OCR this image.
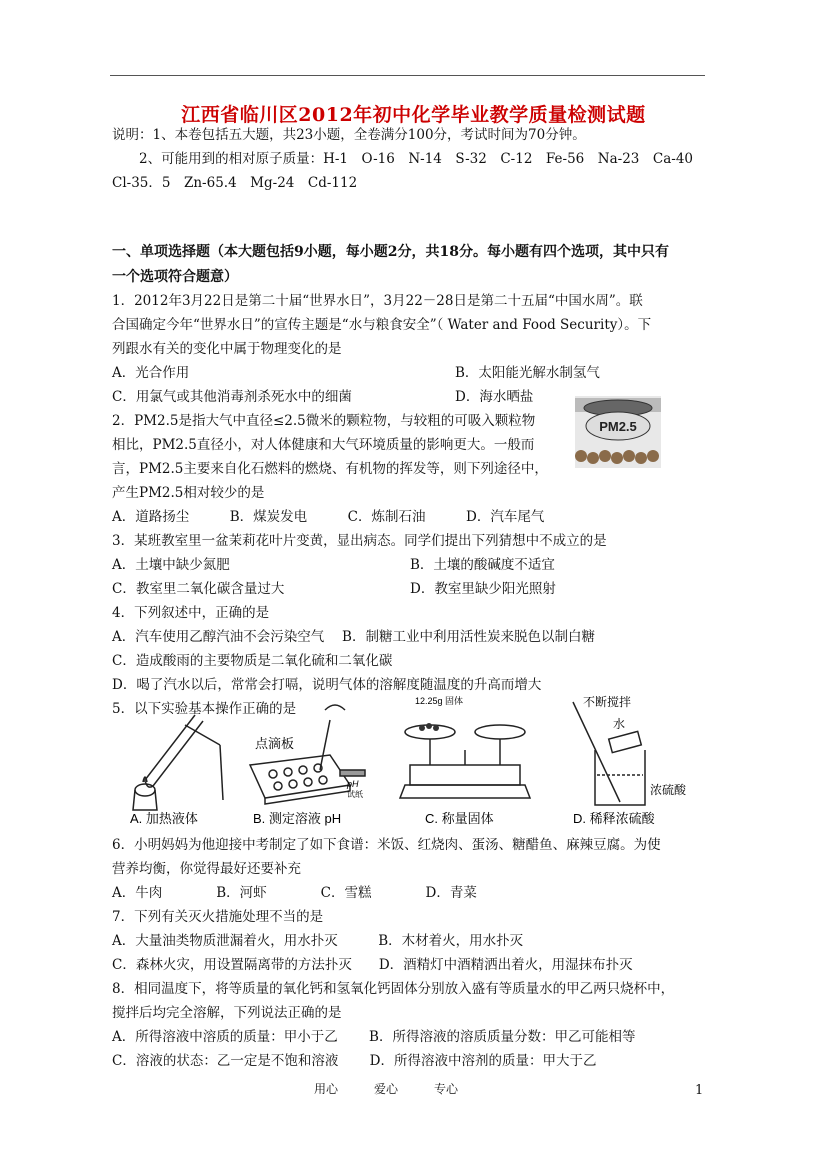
江西省临川区2012年初中化学毕业教学质量检测试题
说明：1、本卷包括五大题，共23小题，全卷满分100分，考试时间为70分钟。
　　2、可能用到的相对原子质量：H-1　O-16　N-14　S-32　C-12　Fe-56　Na-23　Ca-40
Cl-35．5　Zn-65.4　Mg-24　Cd-112
一、单项选择题（本大题包括9小题，每小题2分，共18分。每小题有四个选项，其中只有
一个选项符合题意）
1．2012年3月22日是第二十届“世界水日”，3月22－28日是第二十五届“中国水周”。联
合国确定今年“世界水日”的宣传主题是“水与粮食安全”（ Water and Food Security）。下
列跟水有关的变化中属于物理变化的是
A．光合作用	B．太阳能光解水制氢气
C．用氯气或其他消毒剂杀死水中的细菌	D．海水晒盐
2．PM2.5是指大气中直径≤2.5微米的颗粒物，与较粗的可吸入颗粒物
相比，PM2.5直径小，对人体健康和大气环境质量的影响更大。一般而
言，PM2.5主要来自化石燃料的燃烧、有机物的挥发等，则下列途径中，
产生PM2.5相对较少的是
A．道路扬尘　　　B．煤炭发电　　　C．炼制石油　　　D．汽车尾气
PM2.5
3．某班教室里一盆茉莉花叶片变黄，显出病态。同学们提出下列猜想中不成立的是
A．土壤中缺少氮肥	B．土壤的酸碱度不适宜
C．教室里二氧化碳含量过大	D．教室里缺少阳光照射
4．下列叙述中，正确的是
A．汽车使用乙醇汽油不会污染空气　 B．制糖工业中利用活性炭来脱色以制白糖
C．造成酸雨的主要物质是二氧化硫和二氧化碳
D．喝了汽水以后，常常会打嗝，说明气体的溶解度随温度的升高而增大
5．以下实验基本操作正确的是
A. 加热液体
点滴板
pH
试纸
B. 测定溶液 pH
12.25g 固体
C. 称量固体
不断搅拌
水
浓硫酸
D. 稀释浓硫酸
6．小明妈妈为他迎接中考制定了如下食谱：米饭、红烧肉、蛋汤、糖醋鱼、麻辣豆腐。为使
营养均衡，你觉得最好还要补充
A．牛肉　　　　B．河虾　　　　C．雪糕　　　　D．青菜
7．下列有关灭火措施处理不当的是
A．大量油类物质泄漏着火，用水扑灭　　　B．木材着火，用水扑灭
C．森林火灾，用设置隔离带的方法扑灭　　D．酒精灯中酒精洒出着火，用湿抹布扑灭
8．相同温度下，将等质量的氧化钙和氢氧化钙固体分别放入盛有等质量水的甲乙两只烧杯中，
搅拌后均完全溶解，下列说法正确的是
A．所得溶液中溶质的质量：甲小于乙　　 B．所得溶液的溶质质量分数：甲乙可能相等
C．溶液的状态：乙一定是不饱和溶液　　 D．所得溶液中溶剂的质量：甲大于乙
用心	爱心	专心	1
